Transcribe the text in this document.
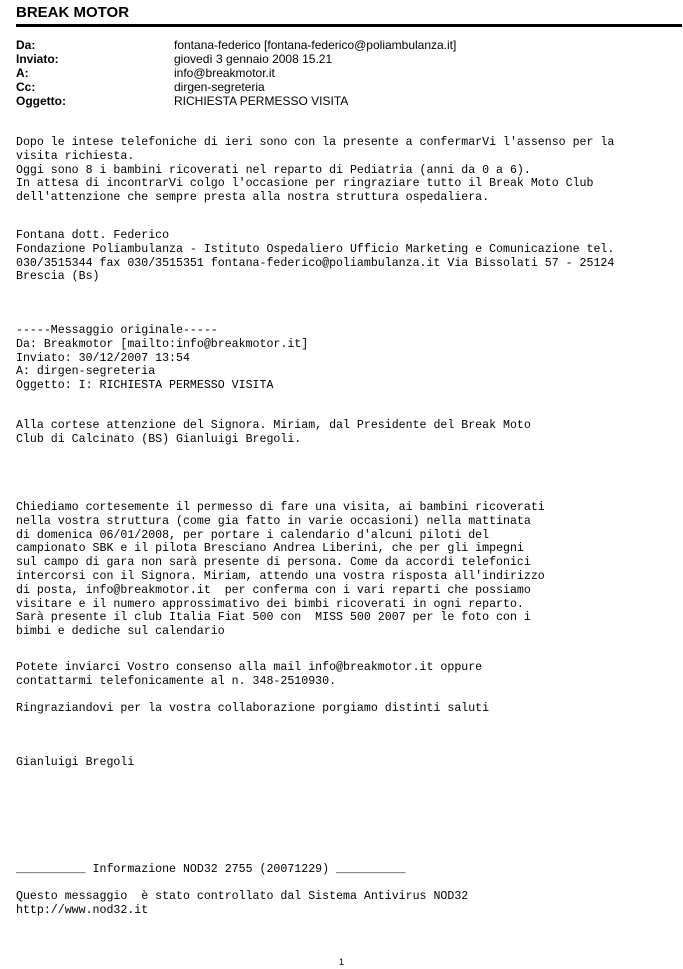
BREAK MOTOR
Da:	fontana-federico [fontana-federico@poliambulanza.it]
Inviato:	giovedì 3 gennaio 2008 15.21
A:	info@breakmotor.it
Cc:	dirgen-segreteria
Oggetto:	RICHIESTA PERMESSO VISITA
Dopo le intese telefoniche di ieri sono con la presente a confermarVi l'assenso per la
visita richiesta.
Oggi sono 8 i bambini ricoverati nel reparto di Pediatria (anni da 0 a 6).
In attesa di incontrarVi colgo l'occasione per ringraziare tutto il Break Moto Club
dell'attenzione che sempre presta alla nostra struttura ospedaliera.
Fontana dott. Federico
Fondazione Poliambulanza - Istituto Ospedaliero Ufficio Marketing e Comunicazione tel.
030/3515344 fax 030/3515351 fontana-federico@poliambulanza.it Via Bissolati 57 - 25124
Brescia (Bs)
-----Messaggio originale-----
Da: Breakmotor [mailto:info@breakmotor.it]
Inviato: 30/12/2007 13:54
A: dirgen-segreteria
Oggetto: I: RICHIESTA PERMESSO VISITA
Alla cortese attenzione del Signora. Miriam, dal Presidente del Break Moto
Club di Calcinato (BS) Gianluigi Bregoli.
Chiediamo cortesemente il permesso di fare una visita, ai bambini ricoverati
nella vostra struttura (come gia fatto in varie occasioni) nella mattinata
di domenica 06/01/2008, per portare i calendario d'alcuni piloti del
campionato SBK e il pilota Bresciano Andrea Liberini, che per gli impegni
sul campo di gara non sarà presente di persona. Come da accordi telefonici
intercorsi con il Signora. Miriam, attendo una vostra risposta all'indirizzo
di posta, info@breakmotor.it  per conferma con i vari reparti che possiamo
visitare e il numero approssimativo dei bimbi ricoverati in ogni reparto.
Sarà presente il club Italia Fiat 500 con  MISS 500 2007 per le foto con i
bimbi e dediche sul calendario
Potete inviarci Vostro consenso alla mail info@breakmotor.it oppure
contattarmi telefonicamente al n. 348-2510930.
Ringraziandovi per la vostra collaborazione porgiamo distinti saluti
Gianluigi Bregoli
__________ Informazione NOD32 2755 (20071229) __________
Questo messaggio  è stato controllato dal Sistema Antivirus NOD32
http://www.nod32.it
1
